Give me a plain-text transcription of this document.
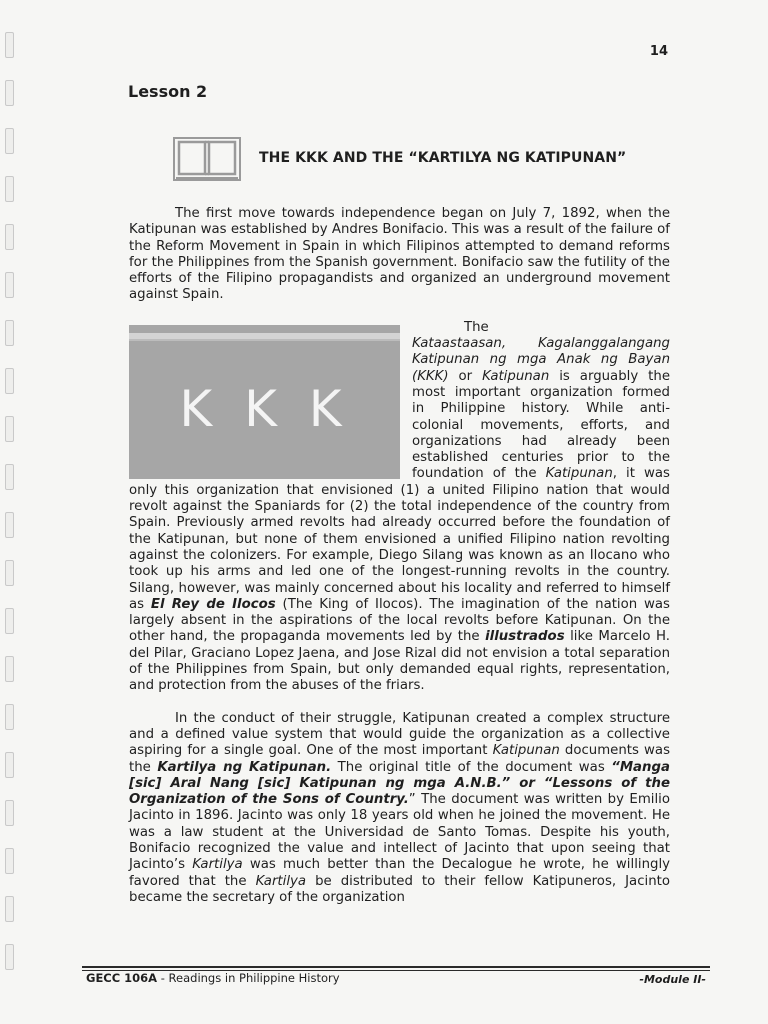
14
Lesson 2
THE KKK AND THE “KARTILYA NG KATIPUNAN”

The first move towards independence began on July 7, 1892, when the Katipunan was established by Andres Bonifacio. This was a result of the failure of the Reform Movement in Spain in which Filipinos attempted to demand reforms for the Philippines from the Spanish government. Bonifacio saw the futility of the efforts of the Filipino propagandists and organized an underground movement against Spain.

K K K
TheKataastaasan, Kagalanggalangang Katipunan ng mga Anak ng Bayan (KKK) or Katipunan is arguably the most important organization formed in Philippine history. While anti-colonial movements, efforts, and organizations had already been established centuries prior to the foundation of the Katipunan, it was only this organization that envisioned (1) a united Filipino nation that would revolt against the Spaniards for (2) the total independence of the country from Spain. Previously armed revolts had already occurred before the foundation of the Katipunan, but none of them envisioned a unified Filipino nation revolting against the colonizers. For example, Diego Silang was known as an Ilocano who took up his arms and led one of the longest-running revolts in the country. Silang, however, was mainly concerned about his locality and referred to himself as El Rey de Ilocos (The King of Ilocos). The imagination of the nation was largely absent in the aspirations of the local revolts before Katipunan. On the other hand, the propaganda movements led by the illustrados like Marcelo H. del Pilar, Graciano Lopez Jaena, and Jose Rizal did not envision a total separation of the Philippines from Spain, but only demanded equal rights, representation, and protection from the abuses of the friars.

In the conduct of their struggle, Katipunan created a complex structure and a defined value system that would guide the organization as a collective aspiring for a single goal. One of the most important Katipunan documents was the Kartilya ng Katipunan. The original title of the document was “Manga [sic] Aral Nang [sic] Katipunan ng mga A.N.B.” or “Lessons of the Organization of the Sons of Country.” The document was written by Emilio Jacinto in 1896. Jacinto was only 18 years old when he joined the movement. He was a law student at the Universidad de Santo Tomas. Despite his youth, Bonifacio recognized the value and intellect of Jacinto that upon seeing that Jacinto’s Kartilya was much better than the Decalogue he wrote, he willingly favored that the Kartilya be distributed to their fellow Katipuneros, Jacinto became the secretary of the organization

GECC 106A - Readings in Philippine History	-Module II-
